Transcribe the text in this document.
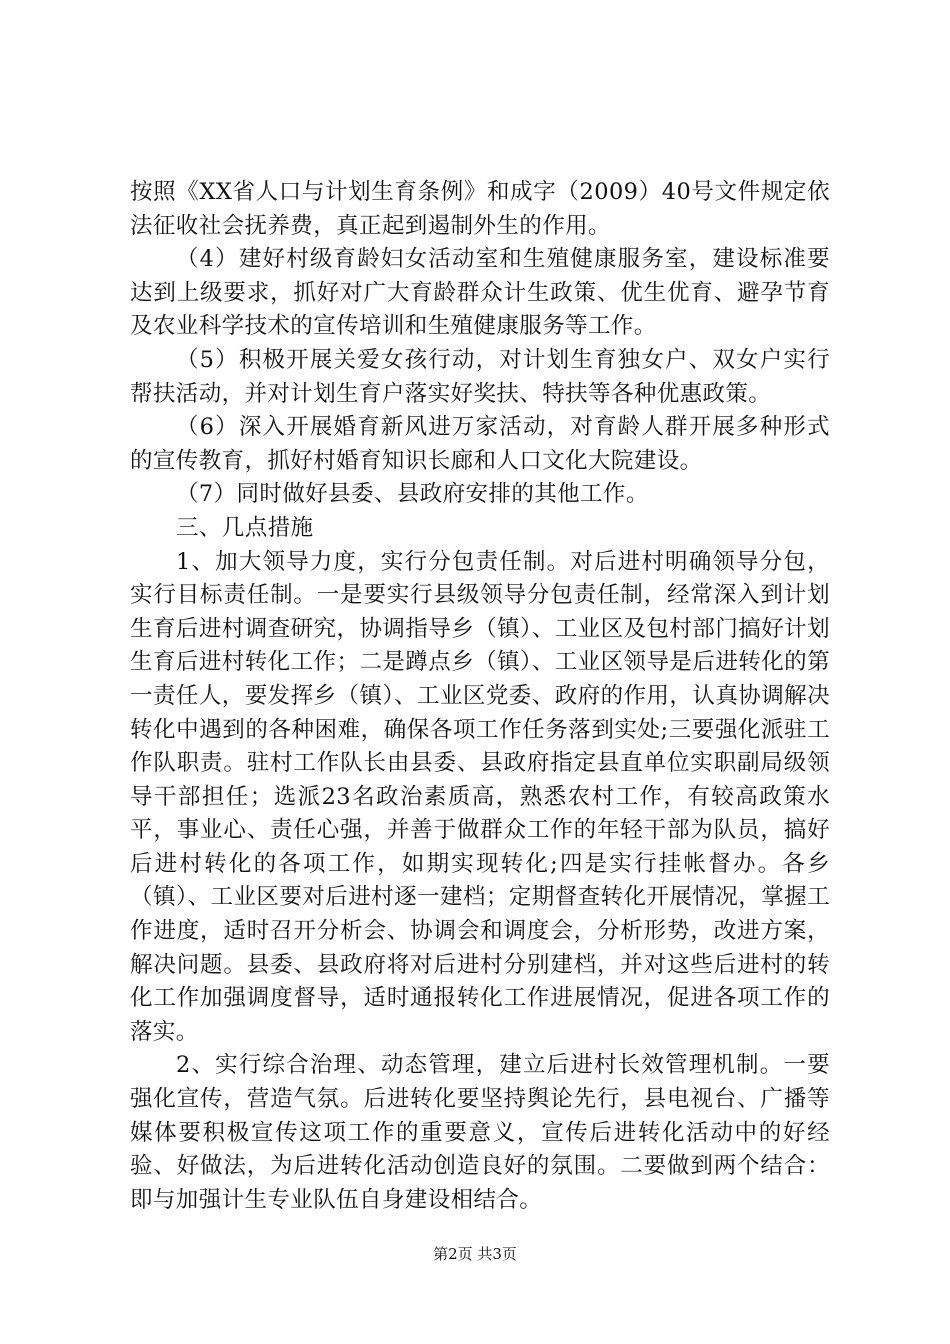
按照《XX省人口与计划生育条例》和成字（2009）40号文件规定依法征收社会抚养费，真正起到遏制外生的作用。

（4）建好村级育龄妇女活动室和生殖健康服务室，建设标准要达到上级要求，抓好对广大育龄群众计生政策、优生优育、避孕节育及农业科学技术的宣传培训和生殖健康服务等工作。

（5）积极开展关爱女孩行动，对计划生育独女户、双女户实行帮扶活动，并对计划生育户落实好奖扶、特扶等各种优惠政策。

（6）深入开展婚育新风进万家活动，对育龄人群开展多种形式的宣传教育，抓好村婚育知识长廊和人口文化大院建设。

（7）同时做好县委、县政府安排的其他工作。

三、几点措施

1、加大领导力度，实行分包责任制。对后进村明确领导分包，实行目标责任制。一是要实行县级领导分包责任制，经常深入到计划生育后进村调查研究，协调指导乡（镇）、工业区及包村部门搞好计划生育后进村转化工作；二是蹲点乡（镇）、工业区领导是后进转化的第一责任人，要发挥乡（镇）、工业区党委、政府的作用，认真协调解决转化中遇到的各种困难，确保各项工作任务落到实处;三要强化派驻工作队职责。驻村工作队长由县委、县政府指定县直单位实职副局级领导干部担任；选派23名政治素质高，熟悉农村工作，有较高政策水平，事业心、责任心强，并善于做群众工作的年轻干部为队员，搞好后进村转化的各项工作，如期实现转化;四是实行挂帐督办。各乡（镇）、工业区要对后进村逐一建档；定期督查转化开展情况，掌握工作进度，适时召开分析会、协调会和调度会，分析形势，改进方案，解决问题。县委、县政府将对后进村分别建档，并对这些后进村的转化工作加强调度督导，适时通报转化工作进展情况，促进各项工作的落实。

2、实行综合治理、动态管理，建立后进村长效管理机制。一要强化宣传，营造气氛。后进转化要坚持舆论先行，县电视台、广播等媒体要积极宣传这项工作的重要意义，宣传后进转化活动中的好经验、好做法，为后进转化活动创造良好的氛围。二要做到两个结合：即与加强计生专业队伍自身建设相结合。

第2页 共3页
